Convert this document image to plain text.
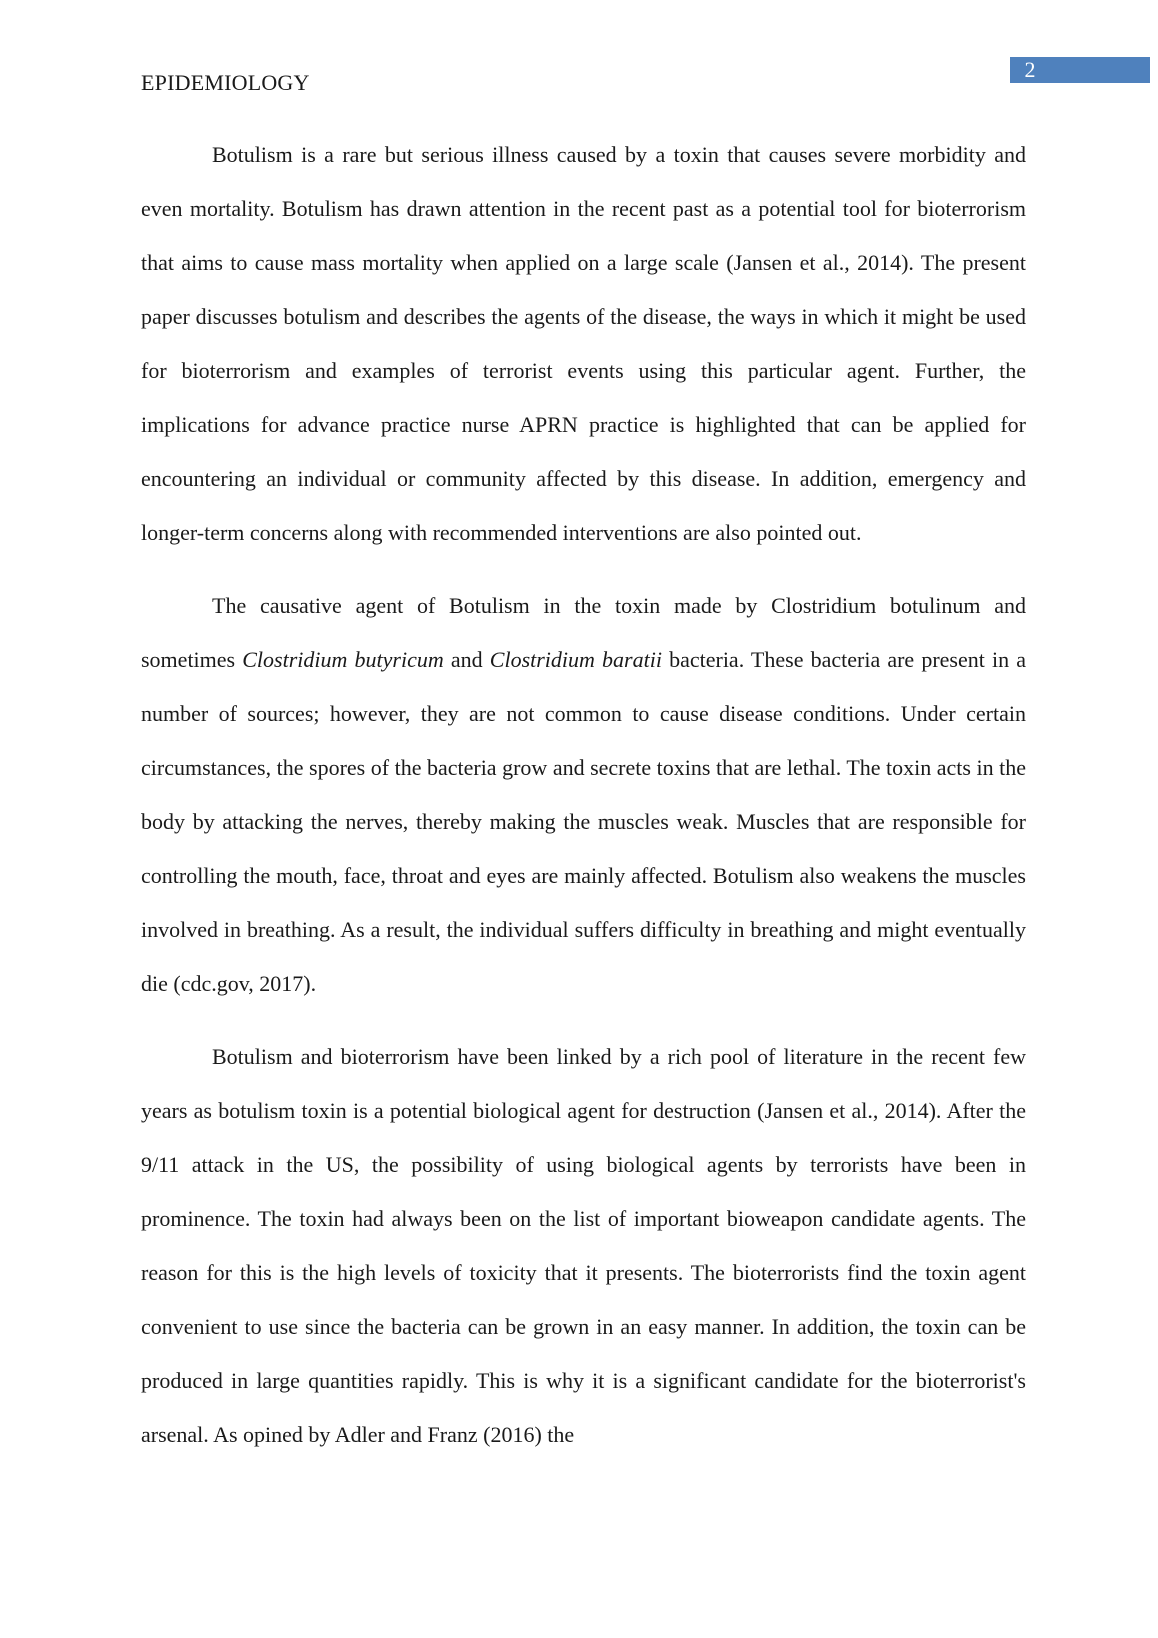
2
EPIDEMIOLOGY

Botulism is a rare but serious illness caused by a toxin that causes severe morbidity and even mortality. Botulism has drawn attention in the recent past as a potential tool for bioterrorism that aims to cause mass mortality when applied on a large scale (Jansen et al., 2014). The present paper discusses botulism and describes the agents of the disease, the ways in which it might be used for bioterrorism and examples of terrorist events using this particular agent. Further, the implications for advance practice nurse APRN practice is highlighted that can be applied for encountering an individual or community affected by this disease. In addition, emergency and longer-term concerns along with recommended interventions are also pointed out.

The causative agent of Botulism in the toxin made by Clostridium botulinum and sometimes Clostridium butyricum and Clostridium baratii bacteria. These bacteria are present in a number of sources; however, they are not common to cause disease conditions. Under certain circumstances, the spores of the bacteria grow and secrete toxins that are lethal. The toxin acts in the body by attacking the nerves, thereby making the muscles weak. Muscles that are responsible for controlling the mouth, face, throat and eyes are mainly affected. Botulism also weakens the muscles involved in breathing. As a result, the individual suffers difficulty in breathing and might eventually die (cdc.gov, 2017).

Botulism and bioterrorism have been linked by a rich pool of literature in the recent few years as botulism toxin is a potential biological agent for destruction (Jansen et al., 2014). After the 9/11 attack in the US, the possibility of using biological agents by terrorists have been in prominence. The toxin had always been on the list of important bioweapon candidate agents. The reason for this is the high levels of toxicity that it presents. The bioterrorists find the toxin agent convenient to use since the bacteria can be grown in an easy manner. In addition, the toxin can be produced in large quantities rapidly. This is why it is a significant candidate for the bioterrorist's arsenal. As opined by Adler and Franz (2016) the
